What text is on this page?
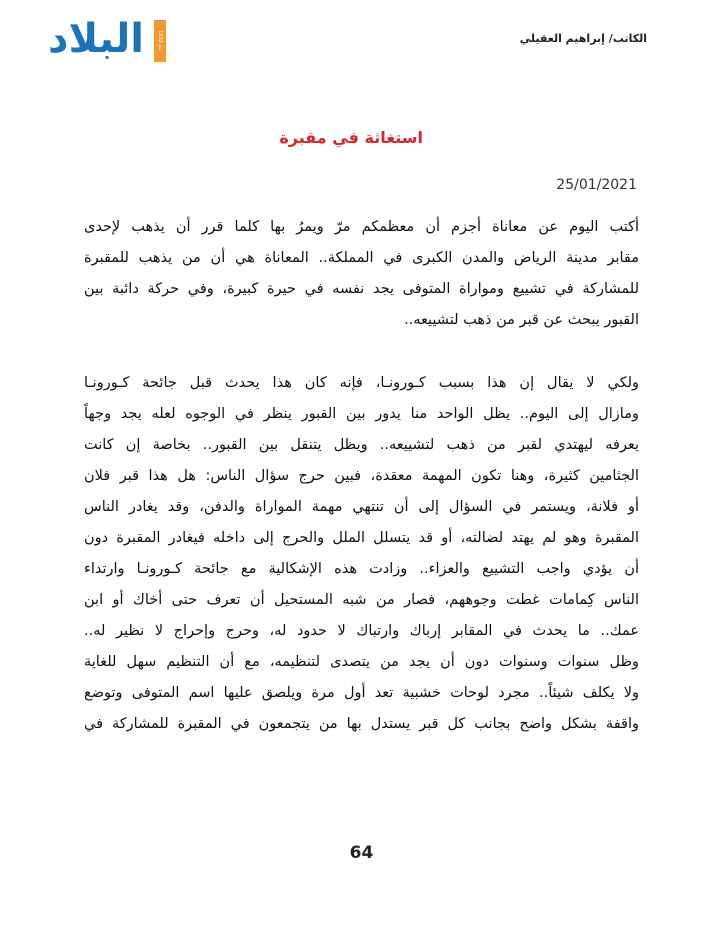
البلاد	منذ 1932
الكاتب/ إبراهيم العقيلي
استغاثة في مقبرة
25/01/2021
أكتب اليوم عن معاناة أجزم أن معظمكم مرّ ويمرُ بها كلما قرر أن يذهب لإحدى
مقابر مدينة الرياض والمدن الكبرى في المملكة.. المعاناة هي أن من يذهب للمقبرة
للمشاركة في تشييع ومواراة المتوفى يجد نفسه في حيرة كبيرة، وفي حركة دائبة بين
القبور يبحث عن قبر من ذهب لتشييعه..
ولكي لا يقال إن هذا بسبب كـورونـا، فإنه كان هذا يحدث قبل جائحة كـورونـا
ومازال إلى اليوم.. يظل الواحد منا يدور بين القبور ينظر في الوجوه لعله يجد وجهاً
يعرفه ليهتدي لقبر من ذهب لتشييعه.. ويظل يتنقل بين القبور.. بخاصة إن كانت
الجثامين كثيرة، وهنا تكون المهمة معقدة، فبين حرج سؤال الناس: هل هذا قبر فلان
أو فلانة، ويستمر في السؤال إلى أن تنتهي مهمة المواراة والدفن، وقد يغادر الناس
المقبرة وهو لم يهتد لضالته، أو قد يتسلل الملل والحرج إلى داخله فيغادر المقبرة دون
أن يؤدي واجب التشييع والعزاء.. وزادت هذه الإشكالية مع جائحة كـورونـا وارتداء
الناس كِمامات غطت وجوههم، فصار من شبه المستحيل أن تعرف حتى أخاك أو ابن
عمك.. ما يحدث في المقابر إرباك وارتباك لا حدود له، وحرج وإحراج لا نظير له..
وظل سنوات وسنوات دون أن يجد من يتصدى لتنظيمه، مع أن التنظيم سهل للغاية
ولا يكلف شيئاً.. مجرد لوحات خشبية تعد أول مرة ويلصق عليها اسم المتوفى وتوضع
واقفة بشكل واضح بجانب كل قبر يستدل بها من يتجمعون في المقبرة للمشاركة في
64
